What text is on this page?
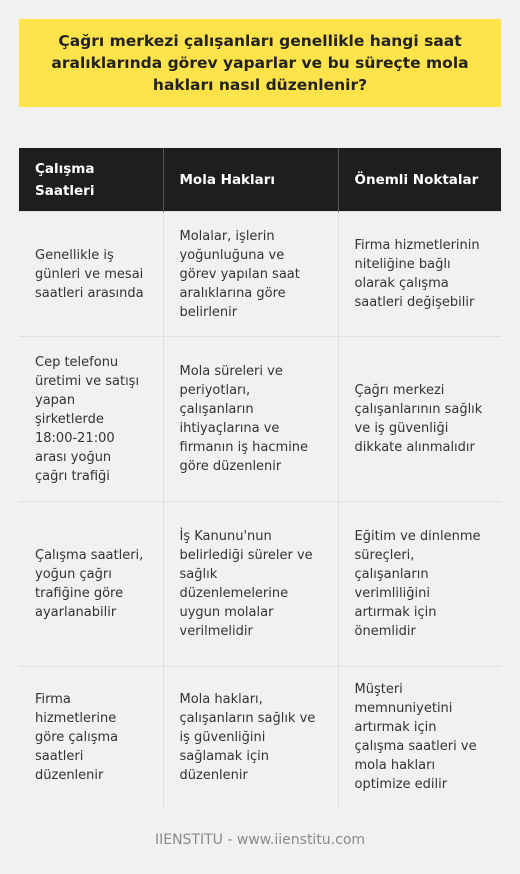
Çağrı merkezi çalışanları genellikle hangi saat aralıklarında görev yaparlar ve bu süreçte mola hakları nasıl düzenlenir?
Çalışma Saatleri	Mola Hakları	Önemli Noktalar
Genellikle iş günleri ve mesai saatleri arasında	Molalar, işlerin yoğunluğuna ve görev yapılan saat aralıklarına göre belirlenir	Firma hizmetlerinin niteliğine bağlı olarak çalışma saatleri değişebilir
Cep telefonu üretimi ve satışı yapan şirketlerde 18:00-21:00 arası yoğun çağrı trafiği	Mola süreleri ve periyotları, çalışanların ihtiyaçlarına ve firmanın iş hacmine göre düzenlenir	Çağrı merkezi çalışanlarının sağlık ve iş güvenliği dikkate alınmalıdır
Çalışma saatleri, yoğun çağrı trafiğine göre ayarlanabilir	İş Kanunu'nun belirlediği süreler ve sağlık düzenlemelerine uygun molalar verilmelidir	Eğitim ve dinlenme süreçleri, çalışanların verimliliğini artırmak için önemlidir
Firma hizmetlerine göre çalışma saatleri düzenlenir	Mola hakları, çalışanların sağlık ve iş güvenliğini sağlamak için düzenlenir	Müşteri memnuniyetini artırmak için çalışma saatleri ve mola hakları optimize edilir
IIENSTITU - www.iienstitu.com
